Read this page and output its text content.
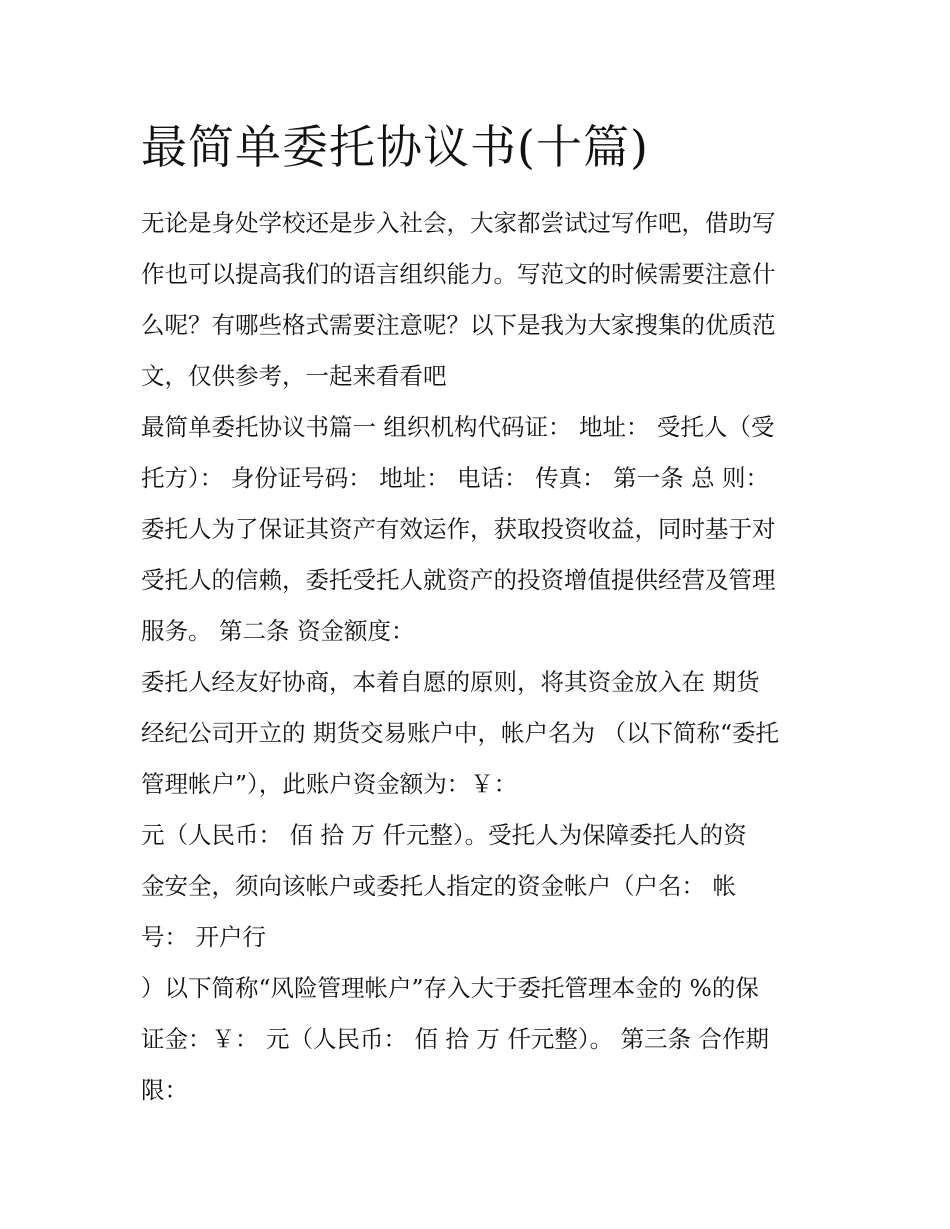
最简单委托协议书(十篇)
无论是身处学校还是步入社会，大家都尝试过写作吧，借助写
作也可以提高我们的语言组织能力。写范文的时候需要注意什
么呢？有哪些格式需要注意呢？以下是我为大家搜集的优质范
文，仅供参考，一起来看看吧
最简单委托协议书篇一 组织机构代码证： 地址： 受托人（受
托方）： 身份证号码： 地址： 电话： 传真： 第一条 总 则：
委托人为了保证其资产有效运作，获取投资收益，同时基于对
受托人的信赖，委托受托人就资产的投资增值提供经营及管理
服务。 第二条 资金额度：
委托人经友好协商，本着自愿的原则，将其资金放入在 期货
经纪公司开立的 期货交易账户中，帐户名为 （以下简称“委托
管理帐户”），此账户资金额为：￥：
元（人民币： 佰 拾 万 仟元整）。受托人为保障委托人的资
金安全，须向该帐户或委托人指定的资金帐户（户名： 帐
号： 开户行
）以下简称“风险管理帐户”存入大于委托管理本金的 %的保
证金：￥： 元（人民币： 佰 拾 万 仟元整）。 第三条 合作期
限：
